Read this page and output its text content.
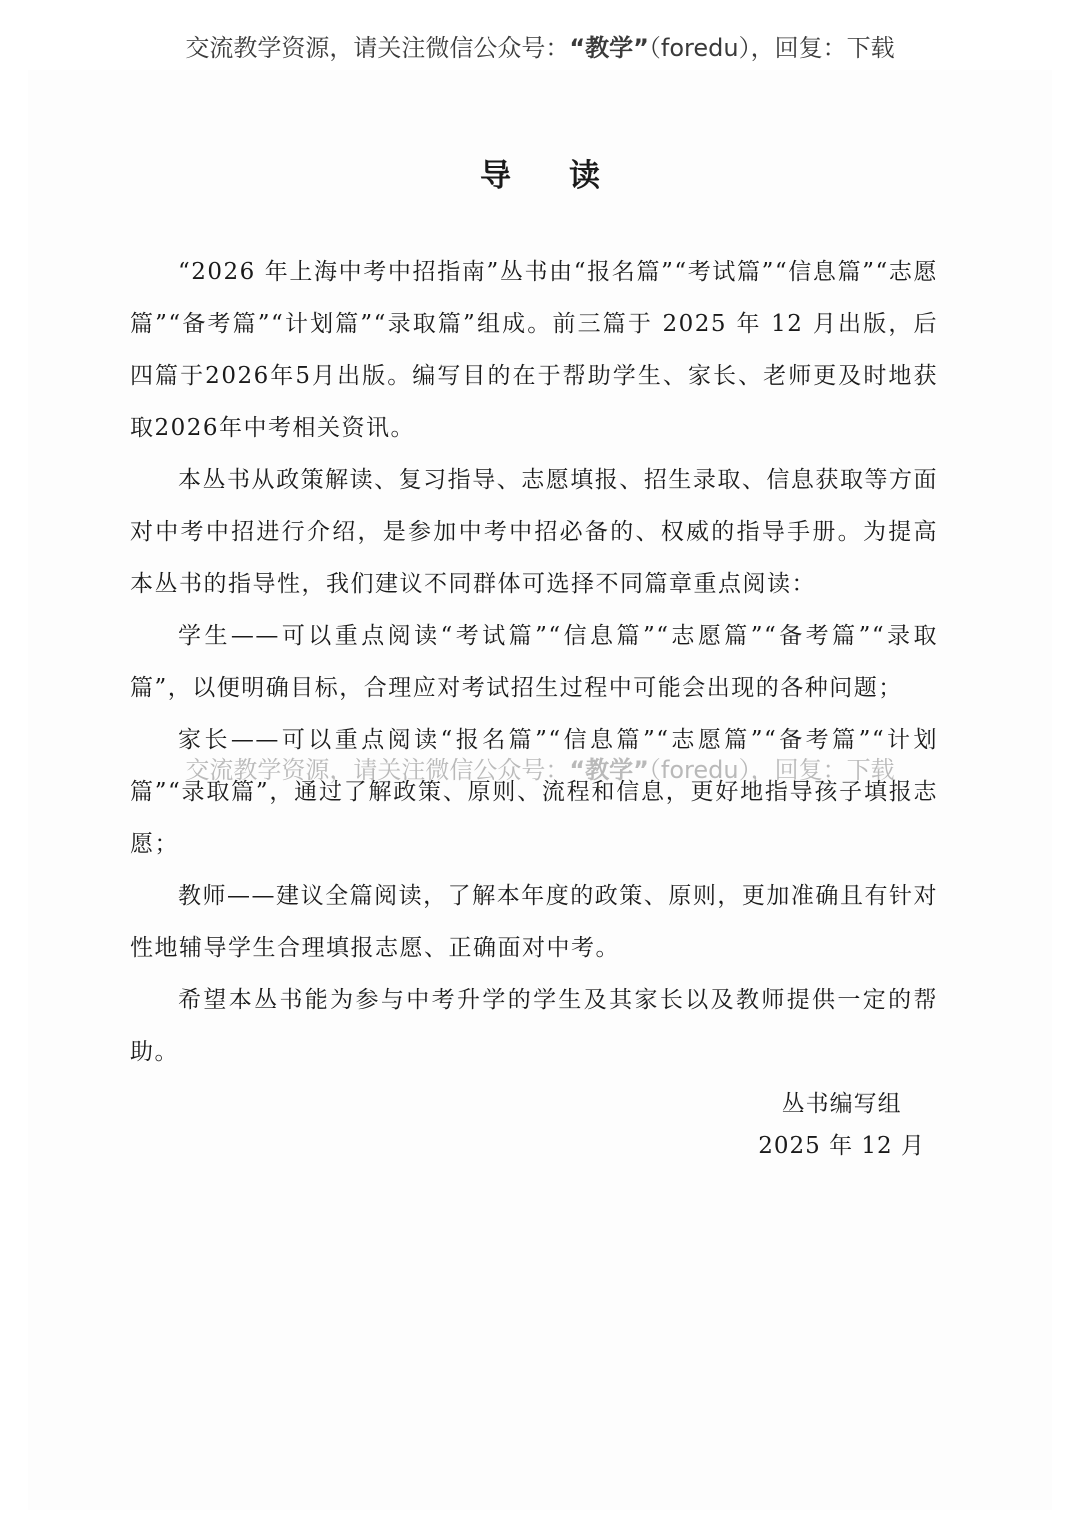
交流教学资源，请关注微信公众号：“教学”（foredu），回复：下载
导读

“2026 年上海中考中招指南”丛书由“报名篇”“考试篇”“信息篇”“志愿篇”“备考篇”“计划篇”“录取篇”组成。前三篇于 2025 年 12 月出版，后四篇于2026年5月出版。编写目的在于帮助学生、家长、老师更及时地获取2026年中考相关资讯。

本丛书从政策解读、复习指导、志愿填报、招生录取、信息获取等方面对中考中招进行介绍，是参加中考中招必备的、权威的指导手册。为提高本丛书的指导性，我们建议不同群体可选择不同篇章重点阅读：

学生——可以重点阅读“考试篇”“信息篇”“志愿篇”“备考篇”“录取篇”，以便明确目标，合理应对考试招生过程中可能会出现的各种问题；

家长——可以重点阅读“报名篇”“信息篇”“志愿篇”“备考篇”“计划篇”“录取篇”，通过了解政策、原则、流程和信息，更好地指导孩子填报志愿；

教师——建议全篇阅读，了解本年度的政策、原则，更加准确且有针对性地辅导学生合理填报志愿、正确面对中考。

希望本丛书能为参与中考升学的学生及其家长以及教师提供一定的帮助。

交流教学资源，请关注微信公众号：“教学”（foredu），回复：下载
丛书编写组
2025 年 12 月
